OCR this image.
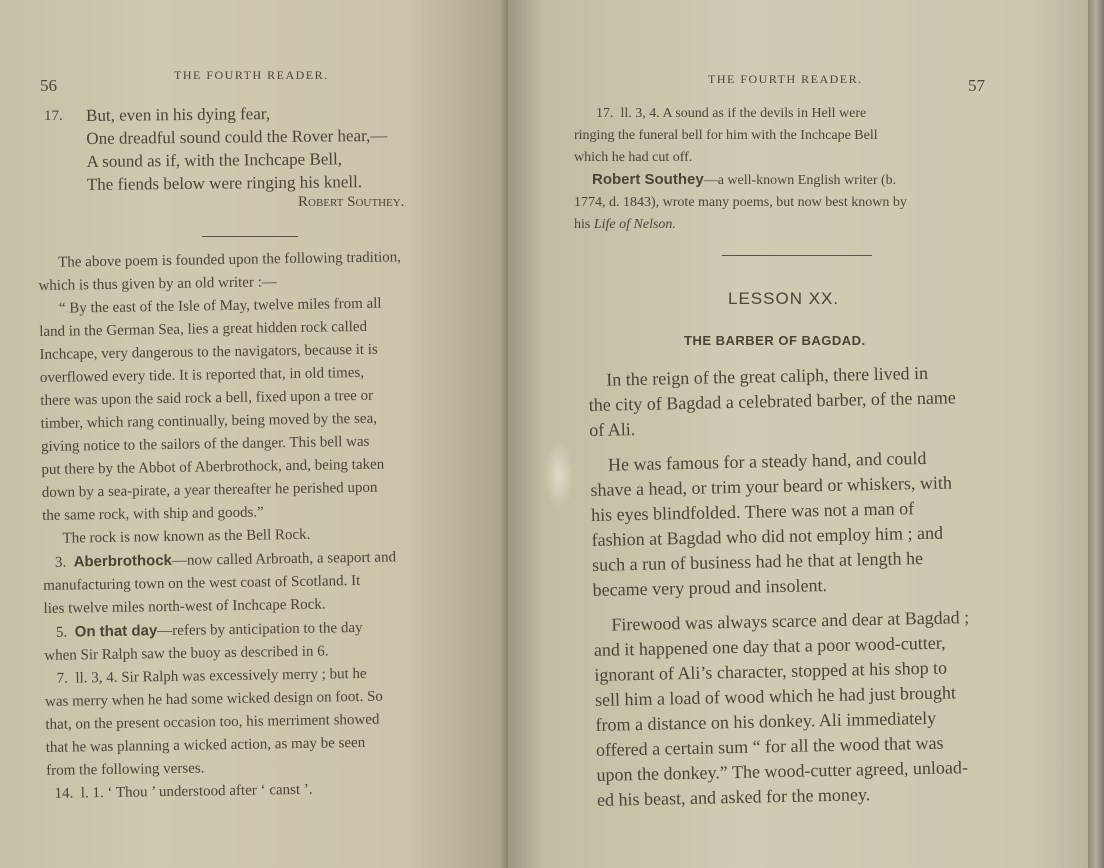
56
THE FOURTH READER.
17. But, even in his dying fear,
One dreadful sound could the Rover hear,—
A sound as if, with the Inchcape Bell,
The fiends below were ringing his knell.
Robert Southey.
The above poem is founded upon the following tradition,
which is thus given by an old writer :—
“ By the east of the Isle of May, twelve miles from all
land in the German Sea, lies a great hidden rock called
Inchcape, very dangerous to the navigators, because it is
overflowed every tide. It is reported that, in old times,
there was upon the said rock a bell, fixed upon a tree or
timber, which rang continually, being moved by the sea,
giving notice to the sailors of the danger. This bell was
put there by the Abbot of Aberbrothock, and, being taken
down by a sea-pirate, a year thereafter he perished upon
the same rock, with ship and goods.”
The rock is now known as the Bell Rock.
3. Aberbrothock—now called Arbroath, a seaport and
manufacturing town on the west coast of Scotland. It
lies twelve miles north-west of Inchcape Rock.
5. On that day—refers by anticipation to the day
when Sir Ralph saw the buoy as described in 6.
7. ll. 3, 4. Sir Ralph was excessively merry ; but he
was merry when he had some wicked design on foot. So
that, on the present occasion too, his merriment showed
that he was planning a wicked action, as may be seen
from the following verses.
14. l. 1. ‘ Thou ’ understood after ‘ canst ’.
THE FOURTH READER.	57
17. ll. 3, 4. A sound as if the devils in Hell were
ringing the funeral bell for him with the Inchcape Bell
which he had cut off.
Robert Southey—a well-known English writer (b.
1774, d. 1843), wrote many poems, but now best known by
his Life of Nelson.
LESSON XX.
THE BARBER OF BAGDAD.
In the reign of the great caliph, there lived in
the city of Bagdad a celebrated barber, of the name
of Ali.
He was famous for a steady hand, and could
shave a head, or trim your beard or whiskers, with
his eyes blindfolded. There was not a man of
fashion at Bagdad who did not employ him ; and
such a run of business had he that at length he
became very proud and insolent.
Firewood was always scarce and dear at Bagdad ;
and it happened one day that a poor wood-cutter,
ignorant of Ali’s character, stopped at his shop to
sell him a load of wood which he had just brought
from a distance on his donkey. Ali immediately
offered a certain sum “ for all the wood that was
upon the donkey.” The wood-cutter agreed, unload-
ed his beast, and asked for the money.
